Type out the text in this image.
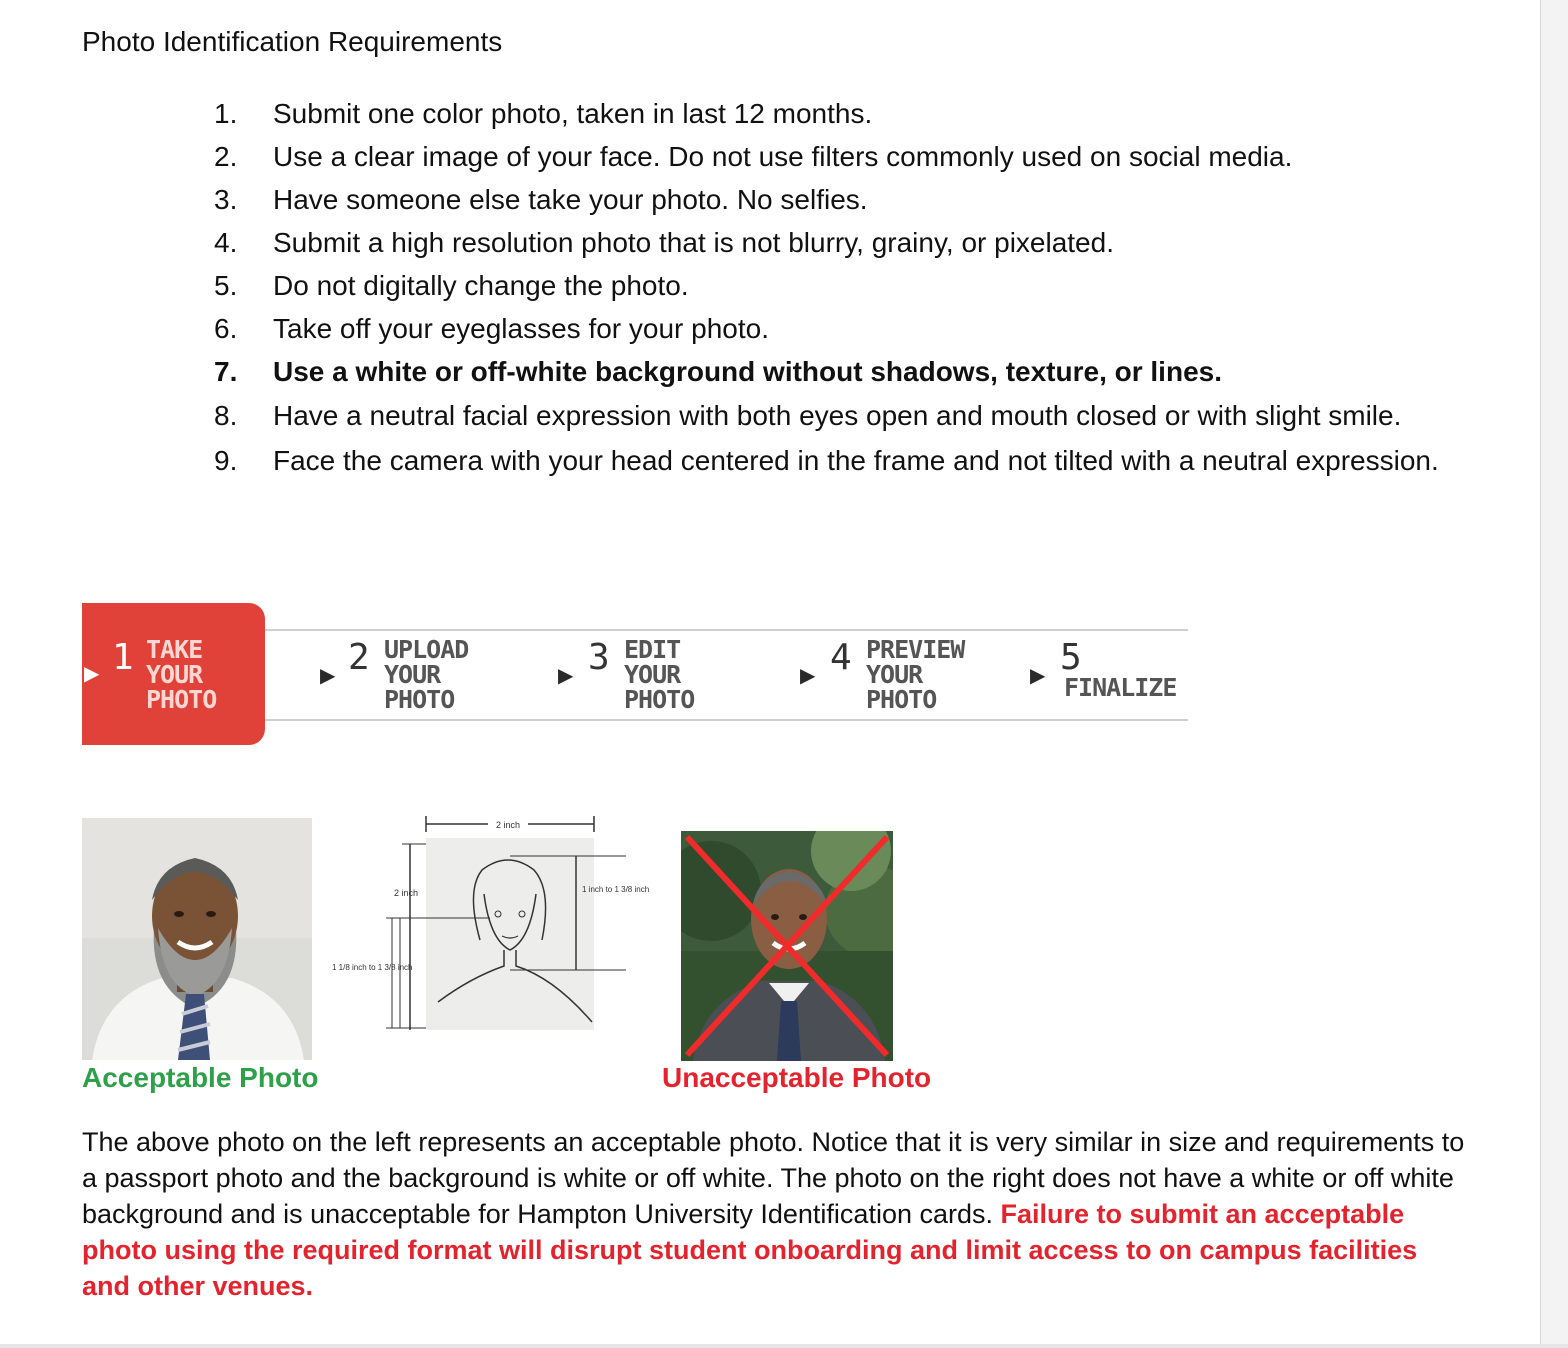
Photo Identification Requirements
1.	Submit one color photo, taken in last 12 months.
2.	Use a clear image of your face. Do not use filters commonly used on social media.
3.	Have someone else take your photo. No selfies.
4.	Submit a high resolution photo that is not blurry, grainy, or pixelated.
5.	Do not digitally change the photo.
6.	Take off your eyeglasses for your photo.
7.	Use a white or off-white background without shadows, texture, or lines.
8.	Have a neutral facial expression with both eyes open and mouth closed or with slight smile.
9.	Face the camera with your head centered in the frame and not tilted with a neutral expression.
▶ 1 TAKE
YOUR
PHOTO
▶ 2 UPLOAD
YOUR
PHOTO
▶ 3 EDIT
YOUR
PHOTO
▶ 4 PREVIEW
YOUR
PHOTO
▶ 5
FINALIZE
2 inch
2 inch
1 1/8 inch to 1 3/8 inch
1 inch to 1 3/8 inch
Acceptable Photo	Unacceptable Photo
The above photo on the left represents an acceptable photo. Notice that it is very similar in size and requirements to a passport photo and the background is white or off white. The photo on the right does not have a white or off white background and is unacceptable for Hampton University Identification cards. Failure to submit an acceptable photo using the required format will disrupt student onboarding and limit access to on campus facilities and other venues.
